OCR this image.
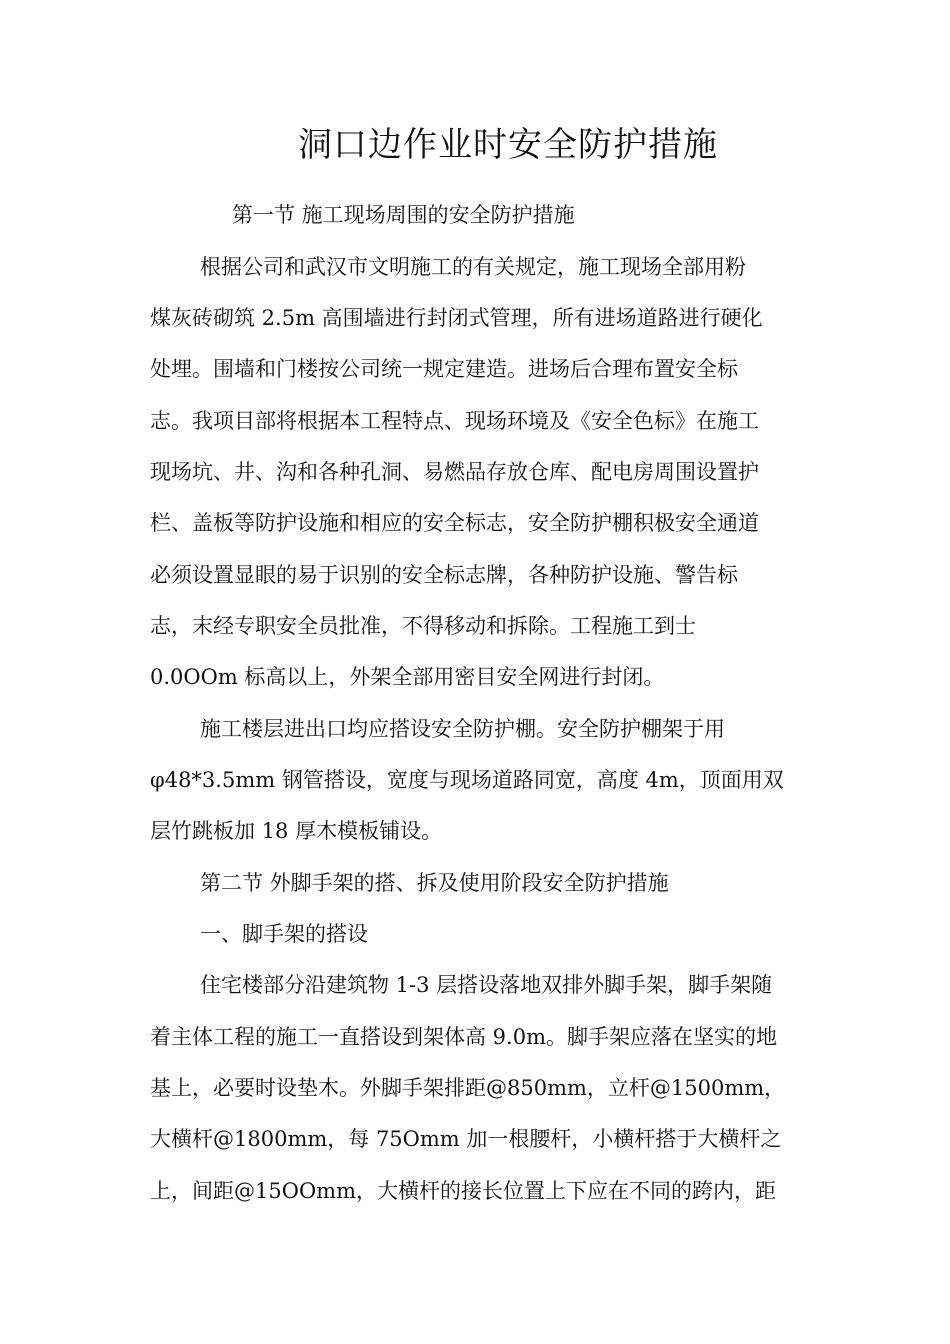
洞口边作业时安全防护措施
第一节 施工现场周围的安全防护措施
根据公司和武汉市文明施工的有关规定，施工现场全部用粉
煤灰砖砌筑 2.5m 高围墙进行封闭式管理，所有进场道路进行硬化
处埋。围墙和门楼按公司统一规定建造。进场后合理布置安全标
志。我项目部将根据本工程特点、现场环境及《安全色标》在施工
现场坑、井、沟和各种孔洞、易燃品存放仓库、配电房周围设置护
栏、盖板等防护设施和相应的安全标志，安全防护棚积极安全通道
必须设置显眼的易于识别的安全标志牌，各种防护设施、警告标
志，末经专职安全员批准，不得移动和拆除。工程施工到士
0.0OOm 标高以上，外架全部用密目安全网进行封闭。
施工楼层进出口均应搭设安全防护棚。安全防护棚架于用
φ48*3.5mm 钢管搭设，宽度与现场道路同宽，高度 4m，顶面用双
层竹跳板加 18 厚木模板铺设。
第二节 外脚手架的搭、拆及使用阶段安全防护措施
一、脚手架的搭设
住宅楼部分沿建筑物 1-3 层搭设落地双排外脚手架，脚手架随
着主体工程的施工一直搭设到架体高 9.0m。脚手架应落在坚实的地
基上，必要时设垫木。外脚手架排距@850mm，立杆@1500mm，
大横杆@1800mm，每 75Omm 加一根腰杆，小横杆搭于大横杆之
上，间距@15OOmm，大横杆的接长位置上下应在不同的跨内，距
